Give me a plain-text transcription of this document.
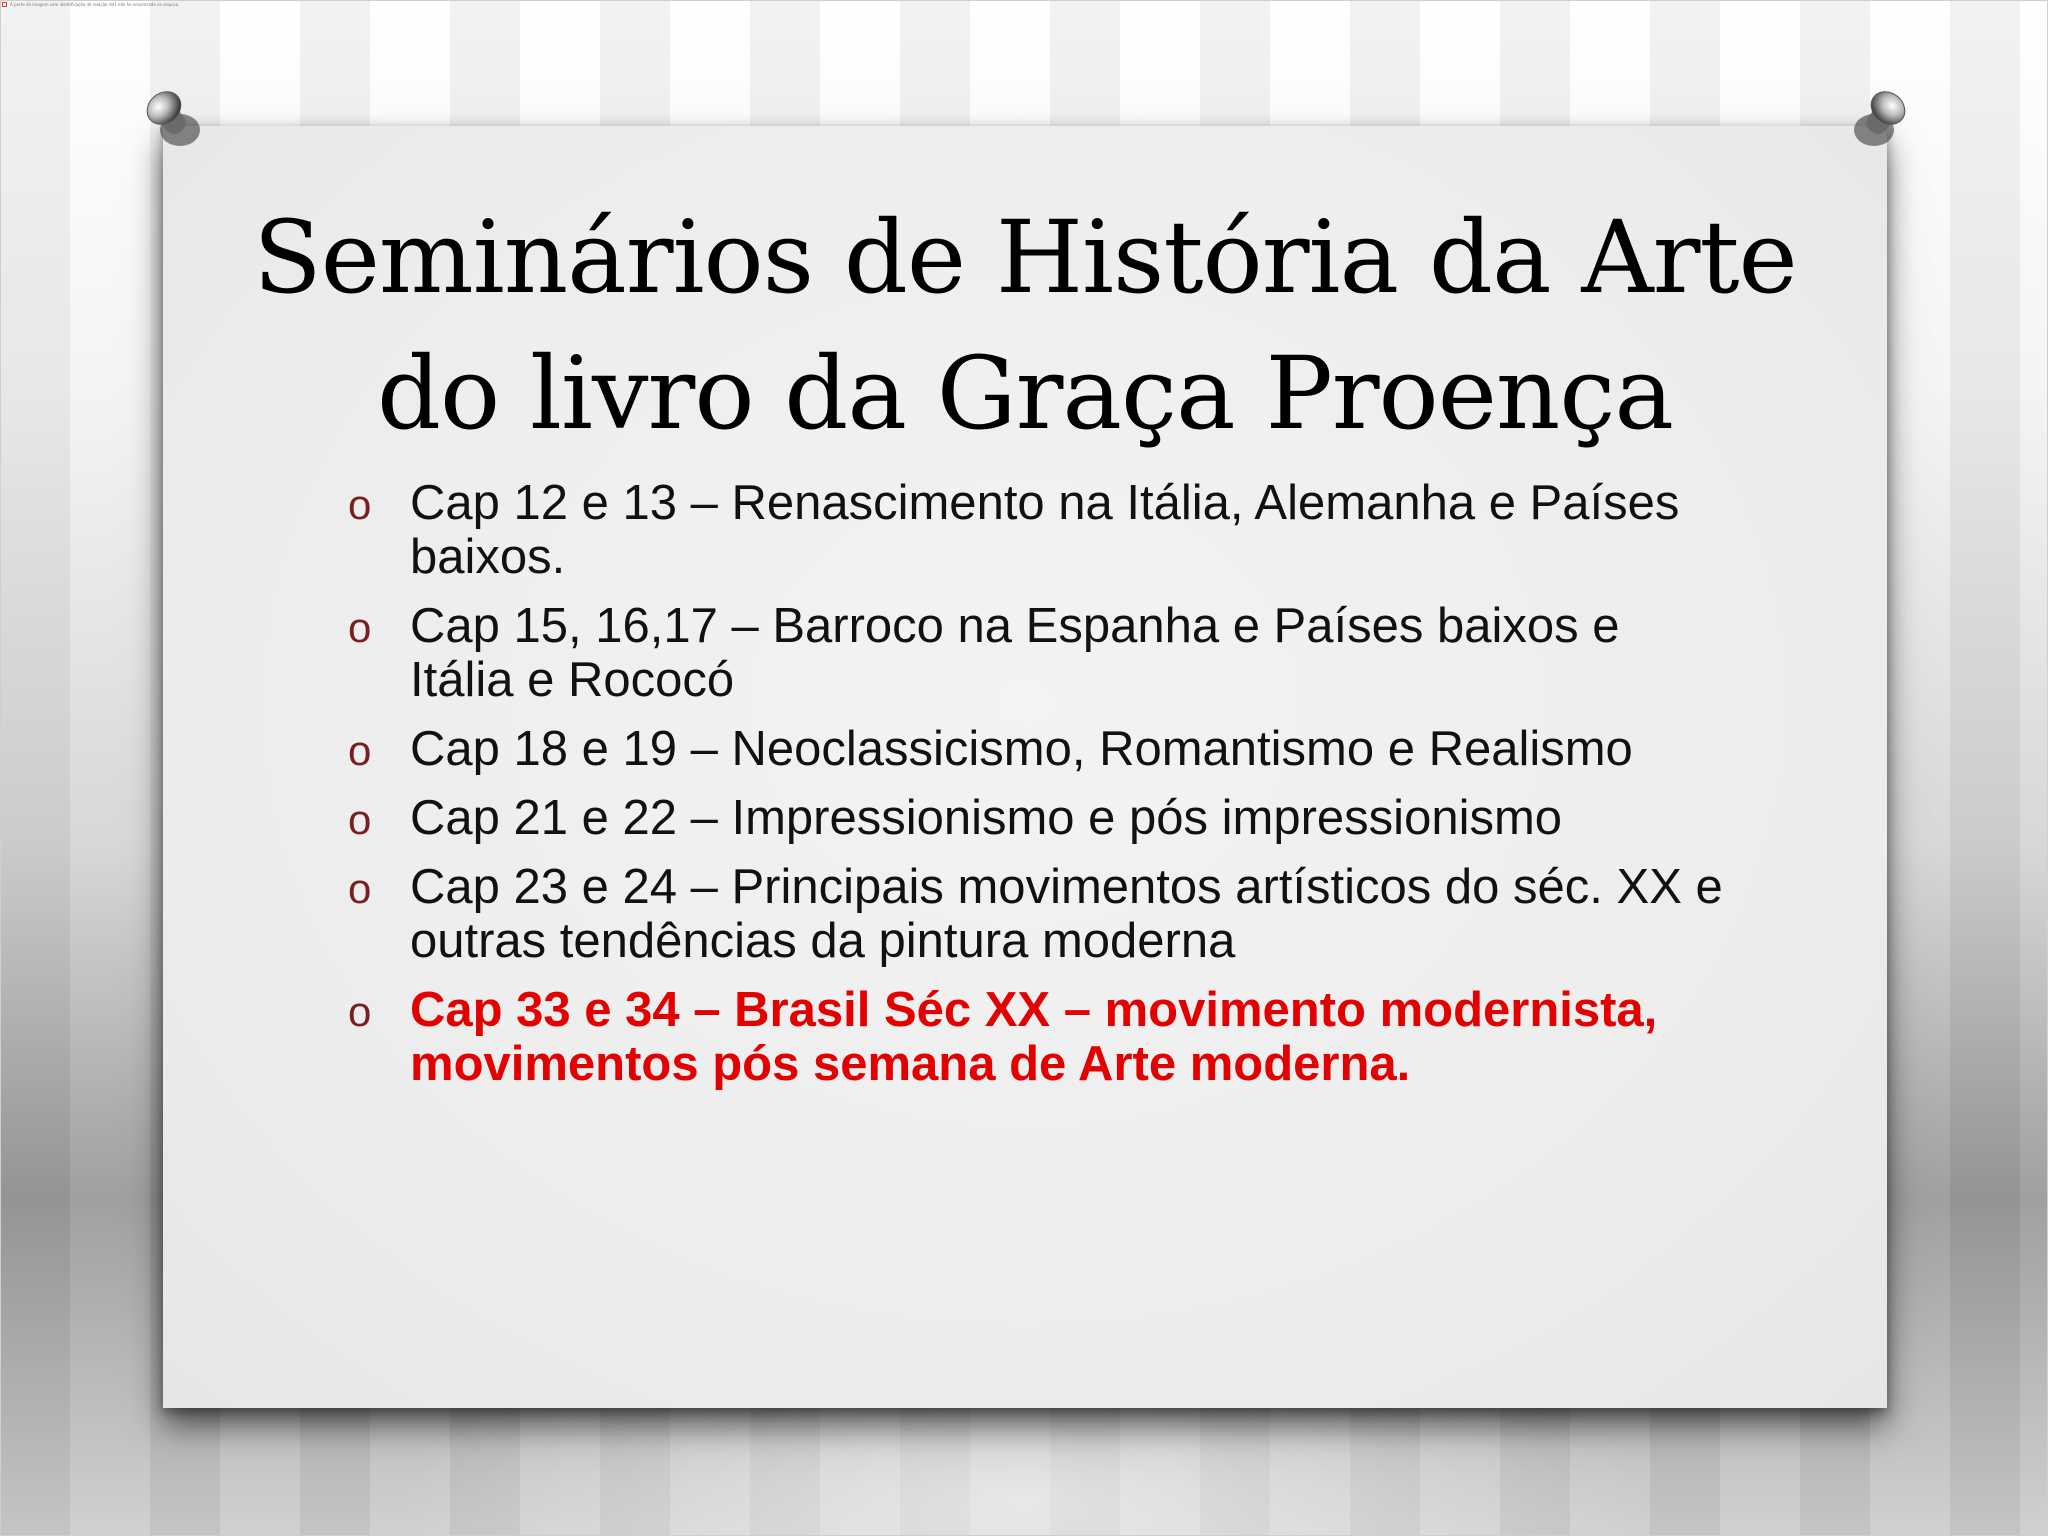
A parte da imagem com identificação de relação rId1 não foi encontrada no arquivo.
Seminários de História da Arte
do livro da Graça Proença
o Cap 12 e 13 – Renascimento na Itália, Alemanha e Países baixos.
o Cap 15, 16,17 – Barroco na Espanha e Países baixos e Itália e Rococó
o Cap 18 e 19 – Neoclassicismo, Romantismo e Realismo
o Cap 21 e 22 – Impressionismo e pós impressionismo
o Cap 23 e 24 – Principais movimentos artísticos do séc. XX e outras tendências da pintura moderna
o Cap 33 e 34 – Brasil Séc XX – movimento modernista, movimentos pós semana de Arte moderna.
